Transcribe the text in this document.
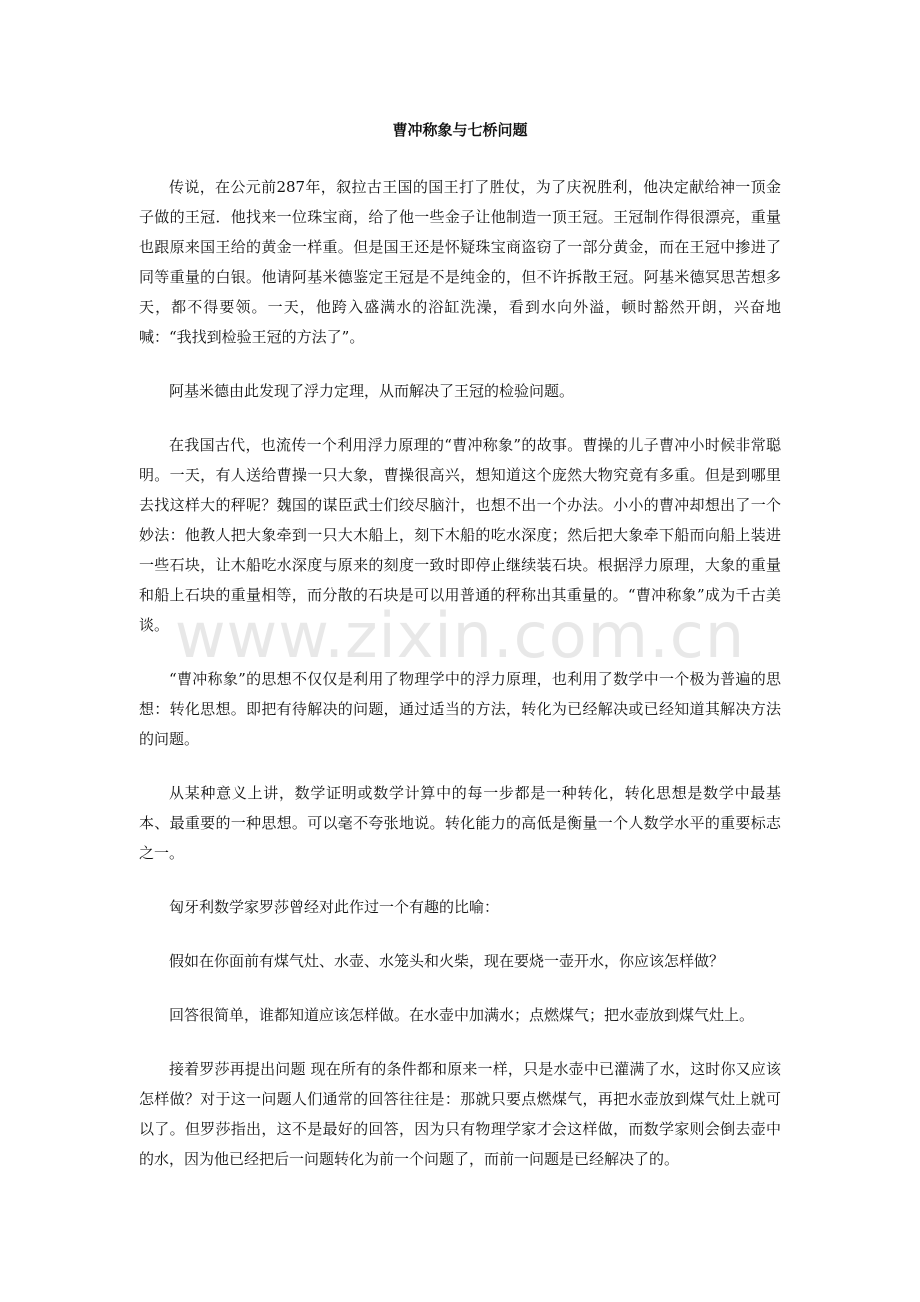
曹冲称象与七桥问题

传说，在公元前287年，叙拉古王国的国王打了胜仗，为了庆祝胜利，他决定献给神一顶金子做的王冠．他找来一位珠宝商，给了他一些金子让他制造一顶王冠。王冠制作得很漂亮，重量也跟原来国王给的黄金一样重。但是国王还是怀疑珠宝商盗窃了一部分黄金，而在王冠中掺进了同等重量的白银。他请阿基米德鉴定王冠是不是纯金的，但不许拆散王冠。阿基米德冥思苦想多天，都不得要领。一天，他跨入盛满水的浴缸洗澡，看到水向外溢，顿时豁然开朗，兴奋地喊：“我找到检验王冠的方法了”。

阿基米德由此发现了浮力定理，从而解决了王冠的检验问题。

在我国古代，也流传一个利用浮力原理的“曹冲称象”的故事。曹操的儿子曹冲小时候非常聪明。一天，有人送给曹操一只大象，曹操很高兴，想知道这个庞然大物究竟有多重。但是到哪里去找这样大的秤呢？魏国的谋臣武士们绞尽脑汁，也想不出一个办法。小小的曹冲却想出了一个妙法：他教人把大象牵到一只大木船上，刻下木船的吃水深度；然后把大象牵下船而向船上装进一些石块，让木船吃水深度与原来的刻度一致时即停止继续装石块。根据浮力原理，大象的重量和船上石块的重量相等，而分散的石块是可以用普通的秤称出其重量的。“曹冲称象”成为千古美谈。

“曹冲称象”的思想不仅仅是利用了物理学中的浮力原理，也利用了数学中一个极为普遍的思想：转化思想。即把有待解决的问题，通过适当的方法，转化为已经解决或已经知道其解决方法的问题。

从某种意义上讲，数学证明或数学计算中的每一步都是一种转化，转化思想是数学中最基本、最重要的一种思想。可以毫不夸张地说。转化能力的高低是衡量一个人数学水平的重要标志之一。

匈牙利数学家罗莎曾经对此作过一个有趣的比喻：

假如在你面前有煤气灶、水壶、水笼头和火柴，现在要烧一壶开水，你应该怎样做？

回答很简单，谁都知道应该怎样做。在水壶中加满水；点燃煤气；把水壶放到煤气灶上。

接着罗莎再提出问题 现在所有的条件都和原来一样，只是水壶中已灌满了水，这时你又应该怎样做？对于这一问题人们通常的回答往往是：那就只要点燃煤气，再把水壶放到煤气灶上就可以了。但罗莎指出，这不是最好的回答，因为只有物理学家才会这样做，而数学家则会倒去壶中的水，因为他已经把后一问题转化为前一个问题了，而前一问题是已经解决了的。

www.zixin.com.cn
